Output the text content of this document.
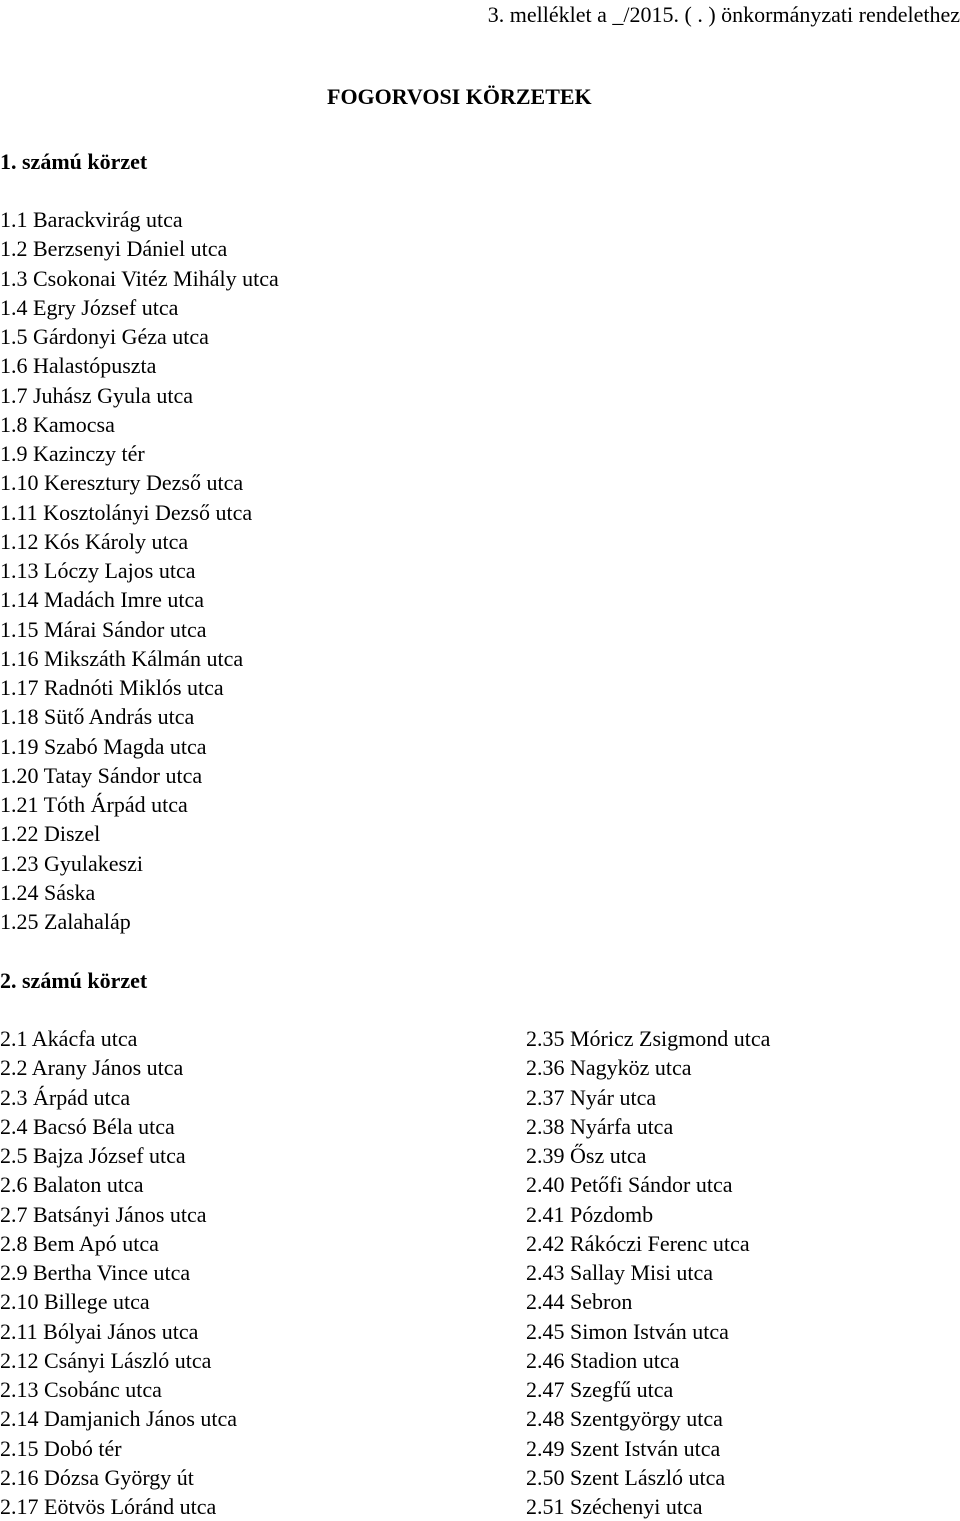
3. melléklet a _/2015. ( . ) önkormányzati rendelethez
FOGORVOSI KÖRZETEK
1. számú körzet
1.1 Barackvirág utca
1.2 Berzsenyi Dániel utca
1.3 Csokonai Vitéz Mihály utca
1.4 Egry József utca
1.5 Gárdonyi Géza utca
1.6 Halastópuszta
1.7 Juhász Gyula utca
1.8 Kamocsa
1.9 Kazinczy tér
1.10 Keresztury Dezső utca
1.11 Kosztolányi Dezső utca
1.12 Kós Károly utca
1.13 Lóczy Lajos utca
1.14 Madách Imre utca
1.15 Márai Sándor utca
1.16 Mikszáth Kálmán utca
1.17 Radnóti Miklós utca
1.18 Sütő András utca
1.19 Szabó Magda utca
1.20 Tatay Sándor utca
1.21 Tóth Árpád utca
1.22 Diszel
1.23 Gyulakeszi
1.24 Sáska
1.25 Zalahaláp
2. számú körzet
2.1 Akácfa utca
2.2 Arany János utca
2.3 Árpád utca
2.4 Bacsó Béla utca
2.5 Bajza József utca
2.6 Balaton utca
2.7 Batsányi János utca
2.8 Bem Apó utca
2.9 Bertha Vince utca
2.10 Billege utca
2.11 Bólyai János utca
2.12 Csányi László utca
2.13 Csobánc utca
2.14 Damjanich János utca
2.15 Dobó tér
2.16 Dózsa György út
2.17 Eötvös Lóránd utca
2.35 Móricz Zsigmond utca
2.36 Nagyköz utca
2.37 Nyár utca
2.38 Nyárfa utca
2.39 Ősz utca
2.40 Petőfi Sándor utca
2.41 Pózdomb
2.42 Rákóczi Ferenc utca
2.43 Sallay Misi utca
2.44 Sebron
2.45 Simon István utca
2.46 Stadion utca
2.47 Szegfű utca
2.48 Szentgyörgy utca
2.49 Szent István utca
2.50 Szent László utca
2.51 Széchenyi utca
